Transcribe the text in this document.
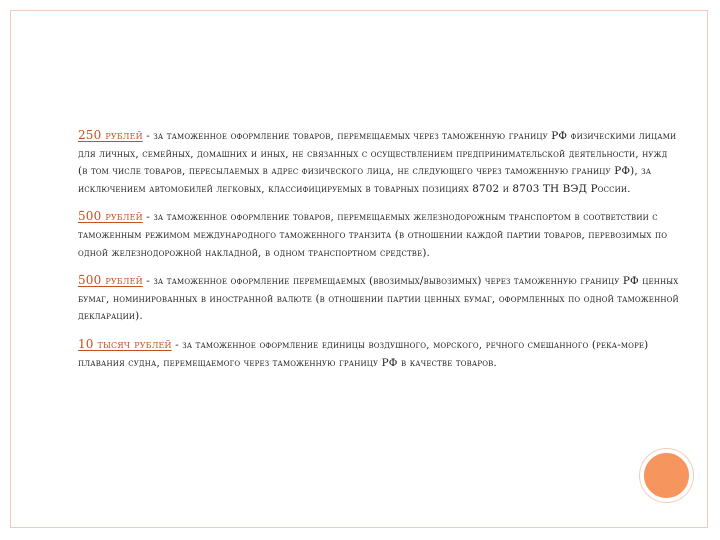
250 рублей - за таможенное оформление товаров, перемещаемых через таможенную границу РФ физическими лицами для личных, семейных, домашних и иных, не связанных с осуществлением предпринимательской деятельности, нужд (в том числе товаров, пересылаемых в адрес физического лица, не следующего через таможенную границу РФ), за исключением автомобилей легковых, классифицируемых в товарных позициях 8702 и 8703 ТН ВЭД России.

500 рублей - за таможенное оформление товаров, перемещаемых железнодорожным транспортом в соответствии с таможенным режимом международного таможенного транзита (в отношении каждой партии товаров, перевозимых по одной железнодорожной накладной, в одном транспортном средстве).

500 рублей - за таможенное оформление перемещаемых (ввозимых/вывозимых) через таможенную границу РФ ценных бумаг, номинированных в иностранной валюте (в отношении партии ценных бумаг, оформленных по одной таможенной декларации).

10 тысяч рублей - за таможенное оформление единицы воздушного, морского, речного смешанного (река-море) плавания судна, перемещаемого через таможенную границу РФ в качестве товаров.
